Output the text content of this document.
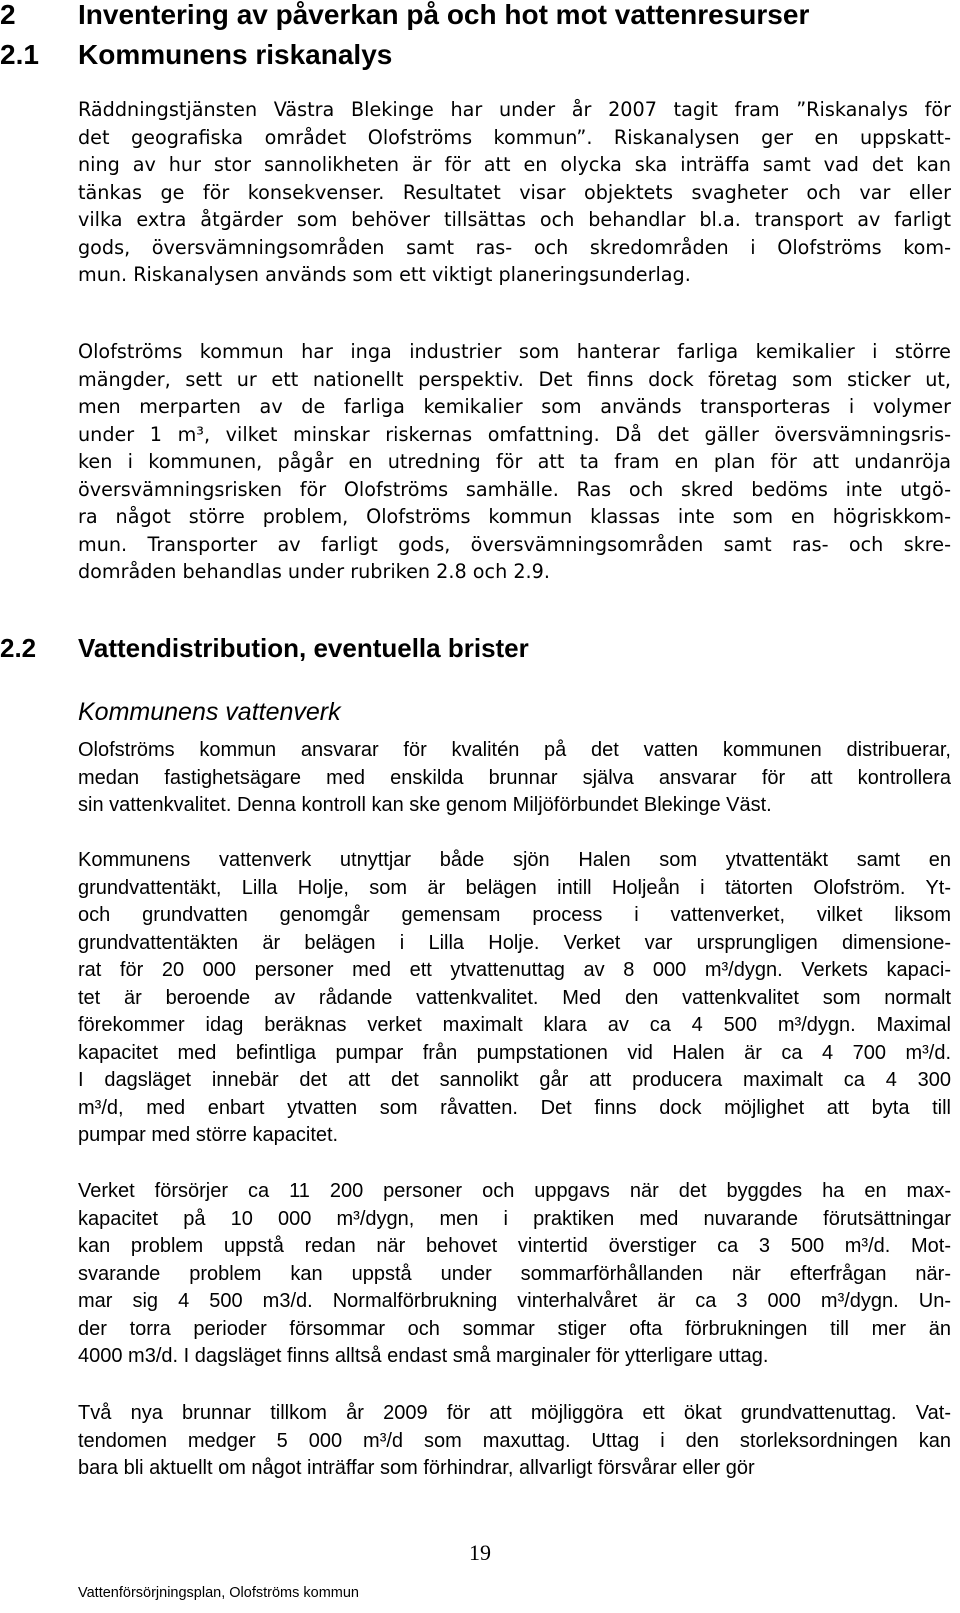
2 Inventering av påverkan på och hot mot vattenresurser
2.1 Kommunens riskanalys
Räddningstjänsten Västra Blekinge har under år 2007 tagit fram ”Riskanalys för
det geografiska området Olofströms kommun”. Riskanalysen ger en uppskatt-
ning av hur stor sannolikheten är för att en olycka ska inträffa samt vad det kan
tänkas ge för konsekvenser. Resultatet visar objektets svagheter och var eller
vilka extra åtgärder som behöver tillsättas och behandlar bl.a. transport av farligt
gods, översvämningsområden samt ras- och skredområden i Olofströms kom-
mun. Riskanalysen används som ett viktigt planeringsunderlag.
Olofströms kommun har inga industrier som hanterar farliga kemikalier i större
mängder, sett ur ett nationellt perspektiv. Det finns dock företag som sticker ut,
men merparten av de farliga kemikalier som används transporteras i volymer
under 1 m³, vilket minskar riskernas omfattning. Då det gäller översvämningsris-
ken i kommunen, pågår en utredning för att ta fram en plan för att undanröja
översvämningsrisken för Olofströms samhälle. Ras och skred bedöms inte utgö-
ra något större problem, Olofströms kommun klassas inte som en högriskkom-
mun. Transporter av farligt gods, översvämningsområden samt ras- och skre-
dområden behandlas under rubriken 2.8 och 2.9.
2.2 Vattendistribution, eventuella brister
Kommunens vattenverk
Olofströms kommun ansvarar för kvalitén på det vatten kommunen distribuerar,
medan fastighetsägare med enskilda brunnar själva ansvarar för att kontrollera
sin vattenkvalitet. Denna kontroll kan ske genom Miljöförbundet Blekinge Väst.
Kommunens vattenverk utnyttjar både sjön Halen som ytvattentäkt samt en
grundvattentäkt, Lilla Holje, som är belägen intill Holjeån i tätorten Olofström. Yt-
och grundvatten genomgår gemensam process i vattenverket, vilket liksom
grundvattentäkten är belägen i Lilla Holje. Verket var ursprungligen dimensione-
rat för 20 000 personer med ett ytvattenuttag av 8 000 m³/dygn. Verkets kapaci-
tet är beroende av rådande vattenkvalitet. Med den vattenkvalitet som normalt
förekommer idag beräknas verket maximalt klara av ca 4 500 m³/dygn. Maximal
kapacitet med befintliga pumpar från pumpstationen vid Halen är ca 4 700 m³/d.
I dagsläget innebär det att det sannolikt går att producera maximalt ca 4 300
m³/d, med enbart ytvatten som råvatten. Det finns dock möjlighet att byta till
pumpar med större kapacitet.
Verket försörjer ca 11 200 personer och uppgavs när det byggdes ha en max-
kapacitet på 10 000 m³/dygn, men i praktiken med nuvarande förutsättningar
kan problem uppstå redan när behovet vintertid överstiger ca 3 500 m³/d. Mot-
svarande problem kan uppstå under sommarförhållanden när efterfrågan när-
mar sig 4 500 m3/d. Normalförbrukning vinterhalvåret är ca 3 000 m³/dygn. Un-
der torra perioder försommar och sommar stiger ofta förbrukningen till mer än
4000 m3/d. I dagsläget finns alltså endast små marginaler för ytterligare uttag.
Två nya brunnar tillkom år 2009 för att möjliggöra ett ökat grundvattenuttag. Vat-
tendomen medger 5 000 m³/d som maxuttag. Uttag i den storleksordningen kan
bara bli aktuellt om något inträffar som förhindrar, allvarligt försvårar eller gör
19
Vattenförsörjningsplan, Olofströms kommun
